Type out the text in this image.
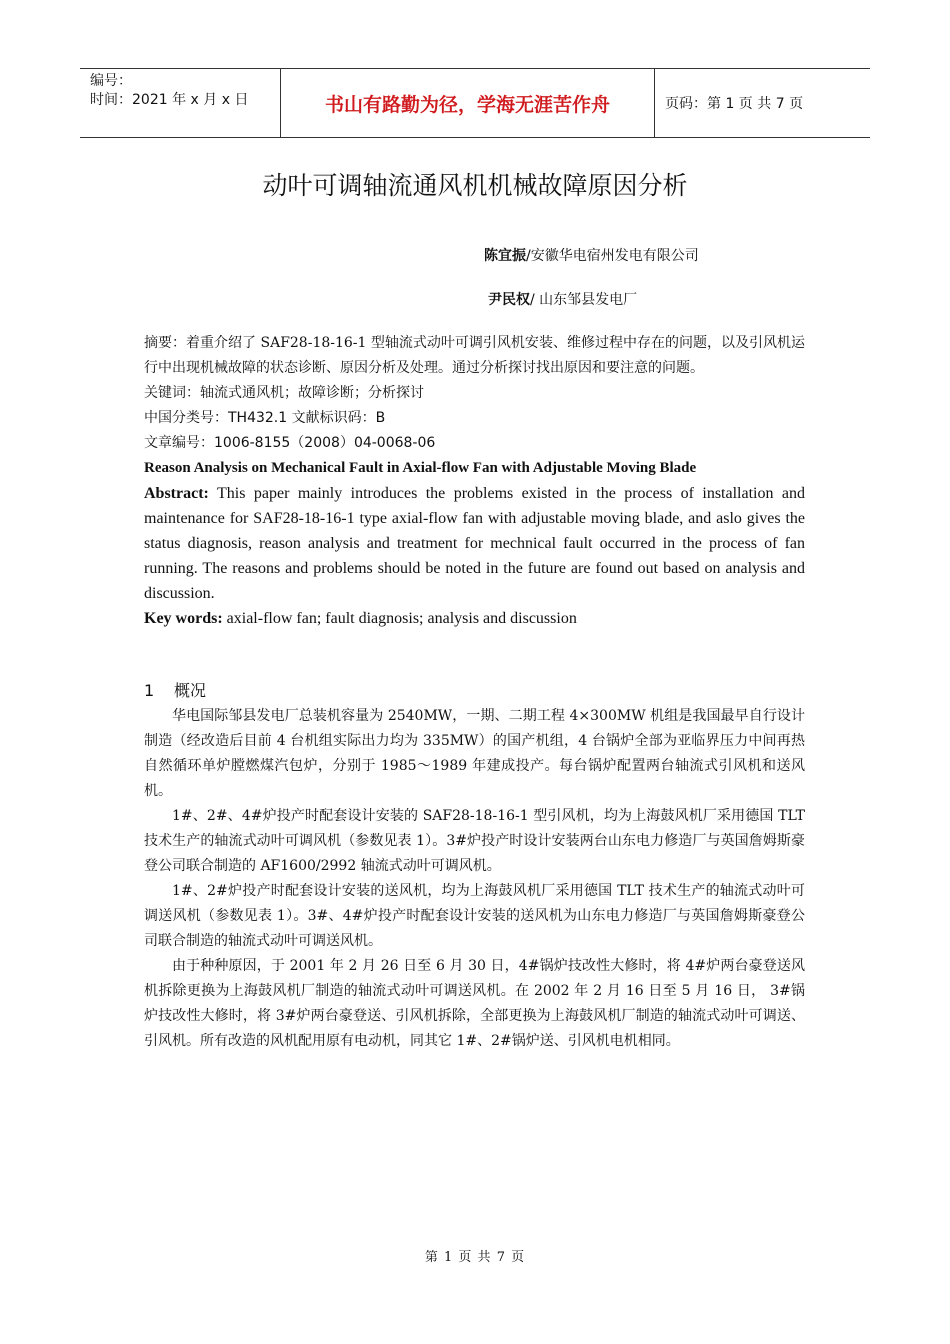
编号：
时间：2021 年 x 月 x 日	书山有路勤为径，学海无涯苦作舟	页码：第 1 页 共 7 页
动叶可调轴流通风机机械故障原因分析
陈宜振/安徽华电宿州发电有限公司
尹民权/ 山东邹县发电厂

摘要：着重介绍了 SAF28-18-16-1 型轴流式动叶可调引风机安装、维修过程中存在的问题，以及引风机运行中出现机械故障的状态诊断、原因分析及处理。通过分析探讨找出原因和要注意的问题。

关键词：轴流式通风机；故障诊断；分析探讨

中国分类号：TH432.1 文献标识码：B

文章编号：1006-8155（2008）04-0068-06

Reason Analysis on Mechanical Fault in Axial-flow Fan with Adjustable Moving Blade

Abstract: This paper mainly introduces the problems existed in the process of installation and maintenance for SAF28-18-16-1 type axial-flow fan with adjustable moving blade, and aslo gives the status diagnosis, reason analysis and treatment for mechnical fault occurred in the process of fan running. The reasons and problems should be noted in the future are found out based on analysis and discussion.

Key words: axial-flow fan; fault diagnosis; analysis and discussion

1 概况

华电国际邹县发电厂总装机容量为 2540MW，一期、二期工程 4×300MW 机组是我国最早自行设计制造（经改造后目前 4 台机组实际出力均为 335MW）的国产机组，4 台锅炉全部为亚临界压力中间再热自然循环单炉膛燃煤汽包炉，分别于 1985～1989 年建成投产。每台锅炉配置两台轴流式引风机和送风机。

1#、2#、4#炉投产时配套设计安装的 SAF28-18-16-1 型引风机，均为上海鼓风机厂采用德国 TLT 技术生产的轴流式动叶可调风机（参数见表 1）。3#炉投产时设计安装两台山东电力修造厂与英国詹姆斯豪登公司联合制造的 AF1600/2992 轴流式动叶可调风机。

1#、2#炉投产时配套设计安装的送风机，均为上海鼓风机厂采用德国 TLT 技术生产的轴流式动叶可调送风机（参数见表 1）。3#、4#炉投产时配套设计安装的送风机为山东电力修造厂与英国詹姆斯豪登公司联合制造的轴流式动叶可调送风机。

由于种种原因，于 2001 年 2 月 26 日至 6 月 30 日，4#锅炉技改性大修时，将 4#炉两台豪登送风机拆除更换为上海鼓风机厂制造的轴流式动叶可调送风机。在 2002 年 2 月 16 日至 5 月 16 日， 3#锅炉技改性大修时，将 3#炉两台豪登送、引风机拆除，全部更换为上海鼓风机厂制造的轴流式动叶可调送、引风机。所有改造的风机配用原有电动机，同其它 1#、2#锅炉送、引风机电机相同。

第 1 页 共 7 页
